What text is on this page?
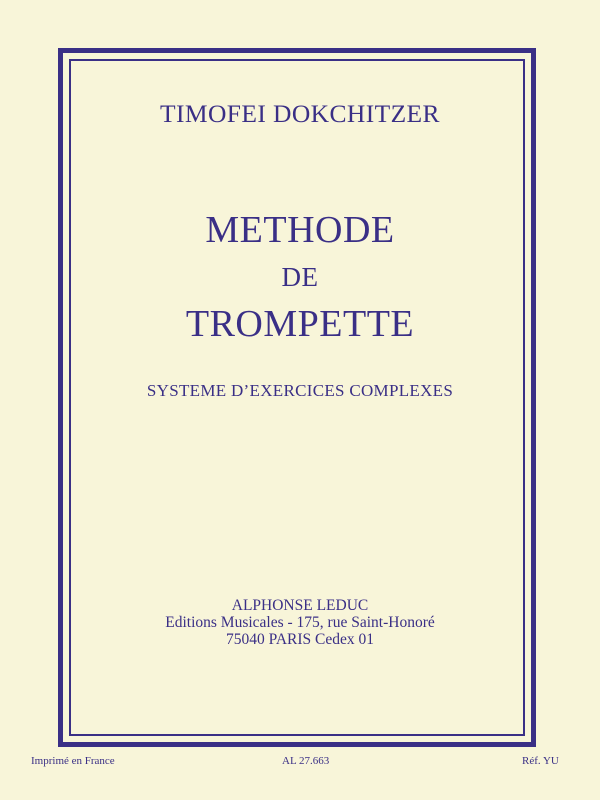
TIMOFEI DOKCHITZER

METHODE

DE

TROMPETTE

SYSTEME D’EXERCICES COMPLEXES

ALPHONSE LEDUC

Editions Musicales - 175, rue Saint-Honoré

75040 PARIS Cedex 01

Imprimé en France	AL 27.663	Réf. YU
